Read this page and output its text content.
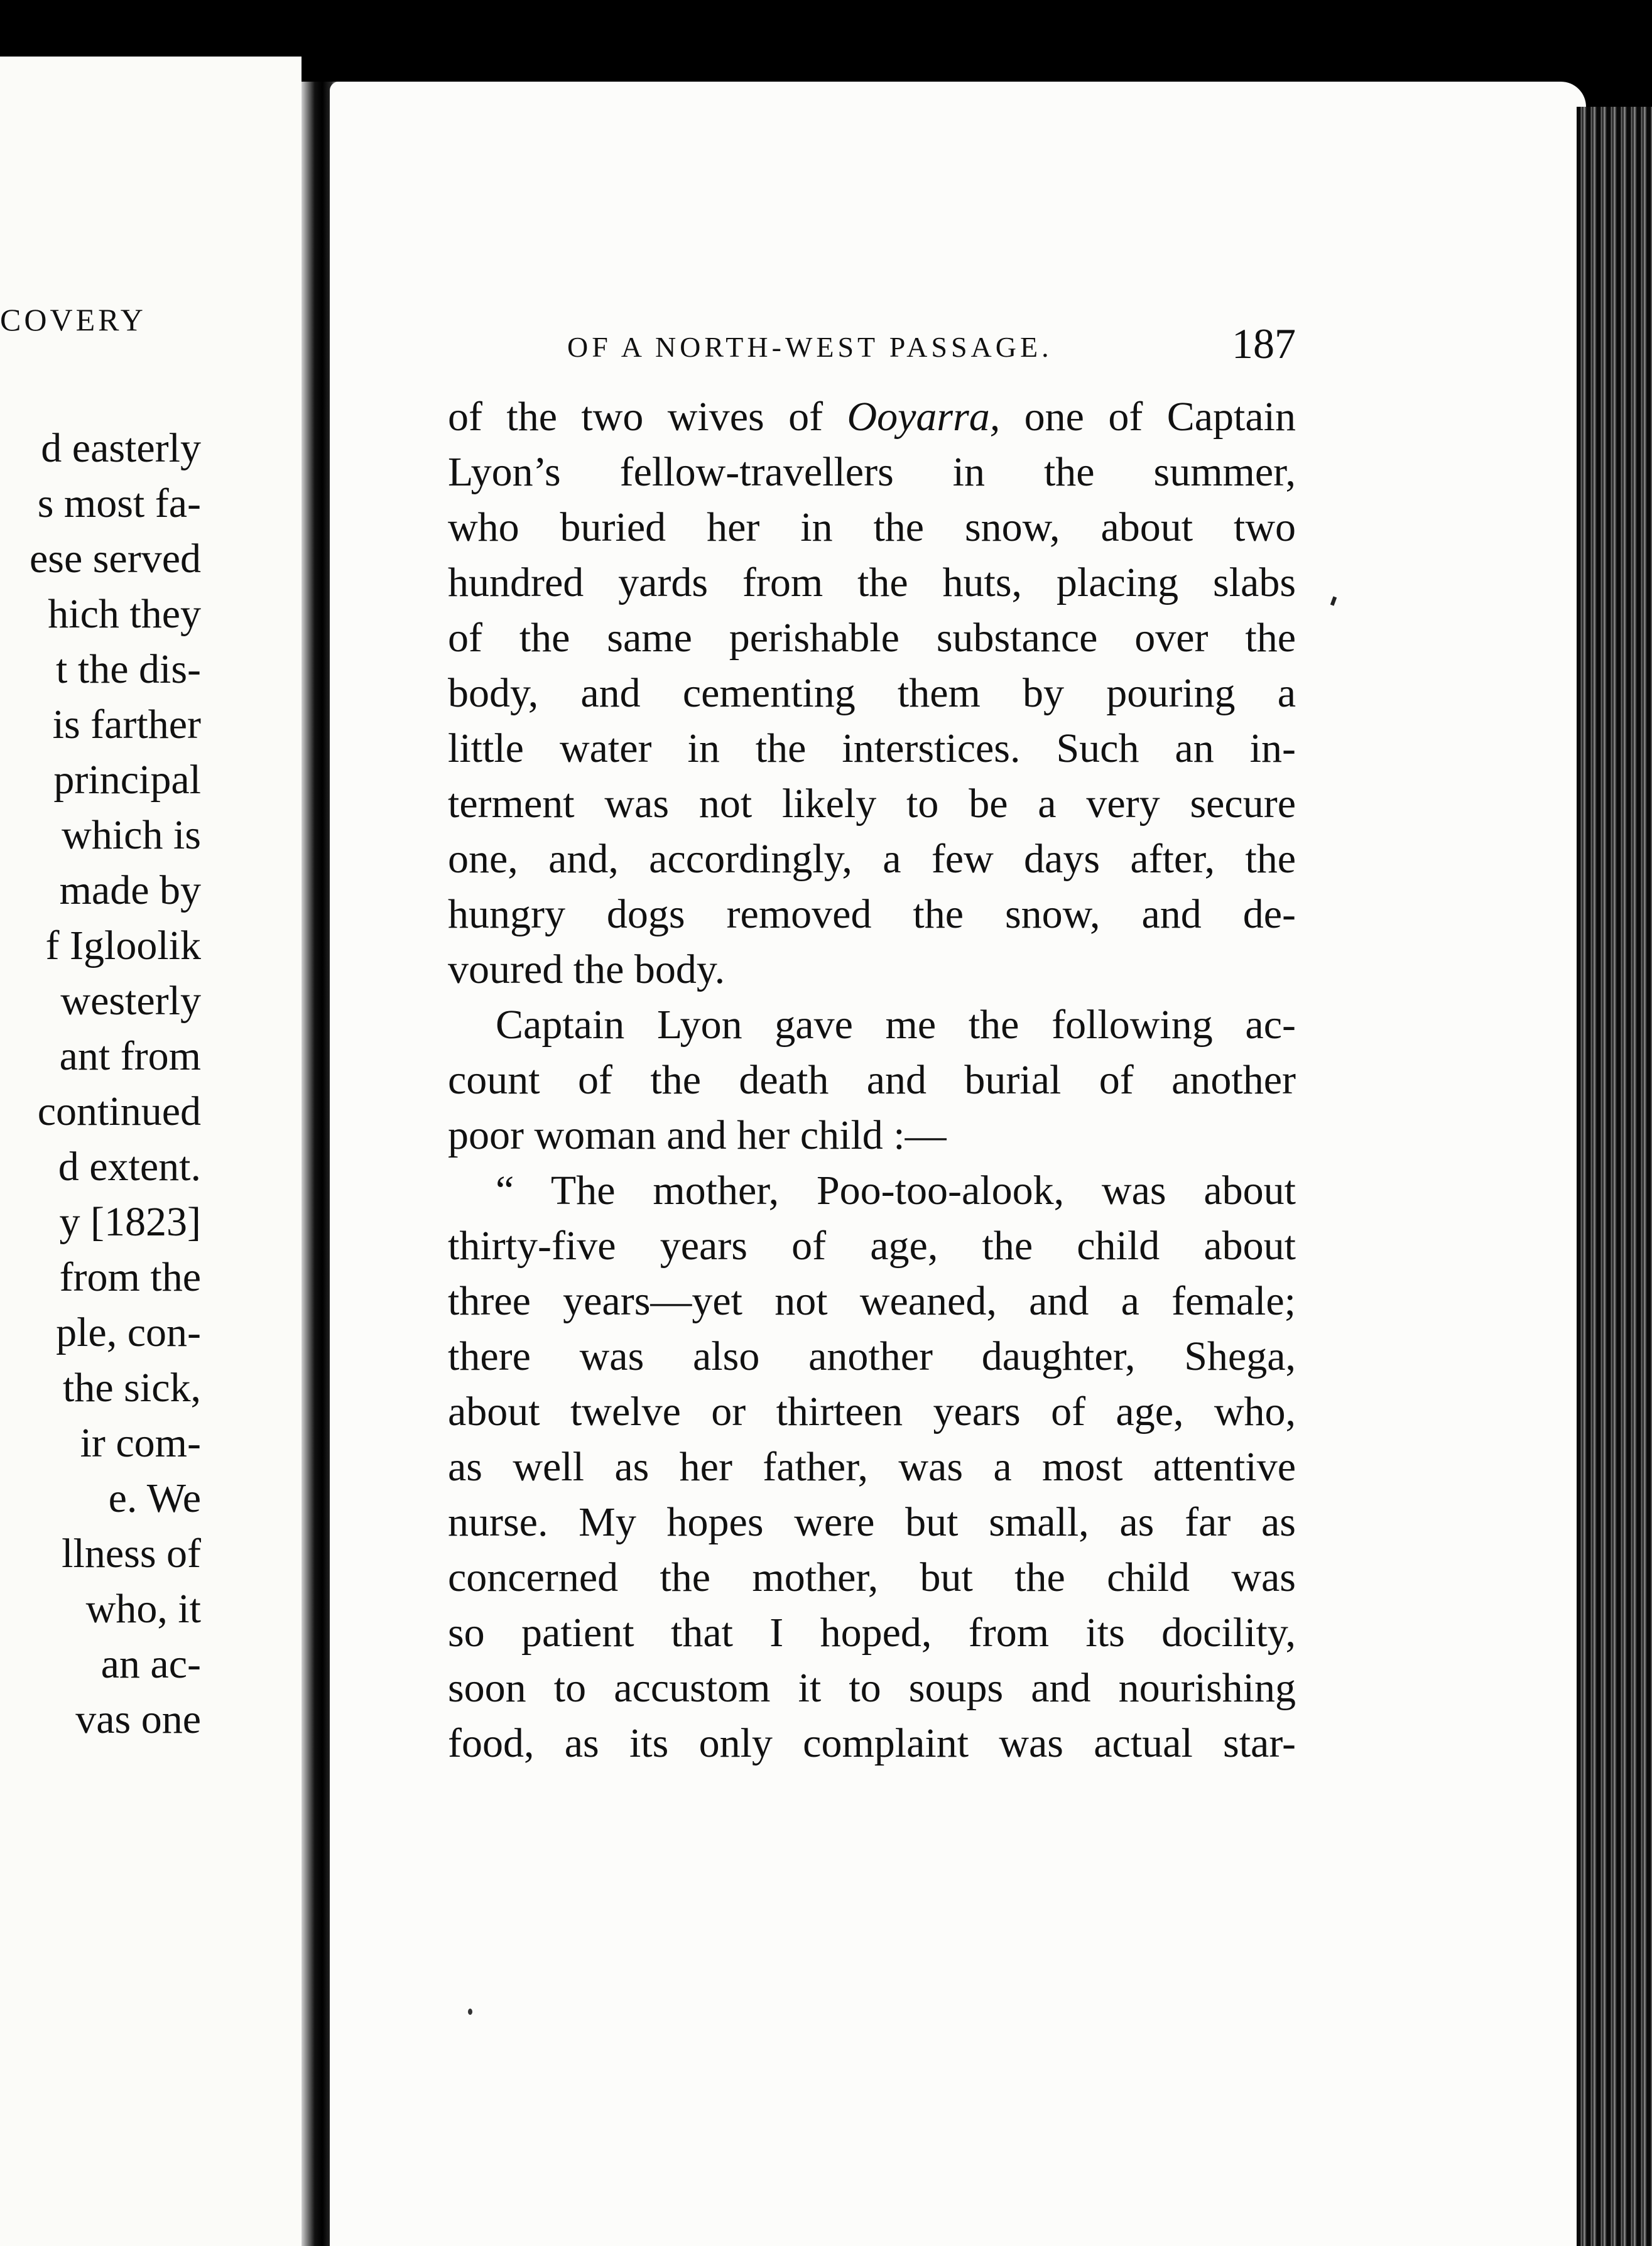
COVERY
d easterly
s most fa-
ese served
hich they
t the dis-
is farther
principal
which is
made by
f Igloolik
westerly
ant from
continued
d extent.
y [1823]
from the
ple, con-
the sick,
ir com-
e. We
llness of
who, it
an ac-
vas one
OF A NORTH-WEST PASSAGE.	187
of the two wives of Ooyarra, one of Captain
Lyon’s fellow-travellers in the summer,
who buried her in the snow, about two
hundred yards from the huts, placing slabs
of the same perishable substance over the
body, and cementing them by pouring a
little water in the interstices. Such an in-
terment was not likely to be a very secure
one, and, accordingly, a few days after, the
hungry dogs removed the snow, and de-
voured the body.
Captain Lyon gave me the following ac-
count of the death and burial of another
poor woman and her child :—
“ The mother, Poo-too-alook, was about
thirty-five years of age, the child about
three years—yet not weaned, and a female;
there was also another daughter, Shega,
about twelve or thirteen years of age, who,
as well as her father, was a most attentive
nurse. My hopes were but small, as far as
concerned the mother, but the child was
so patient that I hoped, from its docility,
soon to accustom it to soups and nourishing
food, as its only complaint was actual star-
